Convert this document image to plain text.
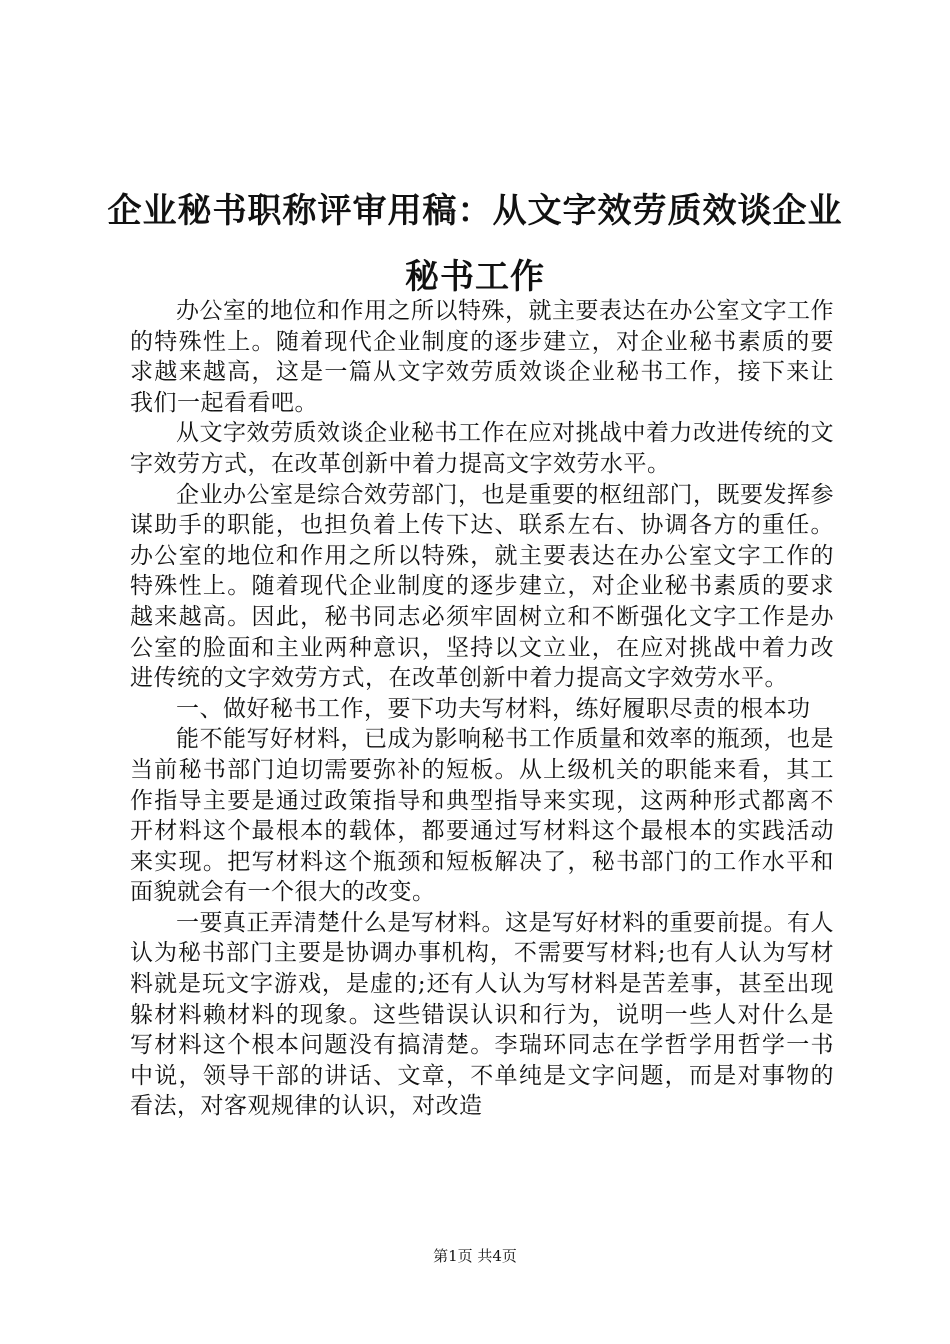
企业秘书职称评审用稿：从文字效劳质效谈企业秘书工作

办公室的地位和作用之所以特殊，就主要表达在办公室文字工作的特殊性上。随着现代企业制度的逐步建立，对企业秘书素质的要求越来越高，这是一篇从文字效劳质效谈企业秘书工作，接下来让我们一起看看吧。

从文字效劳质效谈企业秘书工作在应对挑战中着力改进传统的文字效劳方式，在改革创新中着力提高文字效劳水平。

企业办公室是综合效劳部门，也是重要的枢纽部门，既要发挥参谋助手的职能，也担负着上传下达、联系左右、协调各方的重任。办公室的地位和作用之所以特殊，就主要表达在办公室文字工作的特殊性上。随着现代企业制度的逐步建立，对企业秘书素质的要求越来越高。因此，秘书同志必须牢固树立和不断强化文字工作是办公室的脸面和主业两种意识，坚持以文立业，在应对挑战中着力改进传统的文字效劳方式，在改革创新中着力提高文字效劳水平。

一、做好秘书工作，要下功夫写材料，练好履职尽责的根本功

能不能写好材料，已成为影响秘书工作质量和效率的瓶颈，也是当前秘书部门迫切需要弥补的短板。从上级机关的职能来看，其工作指导主要是通过政策指导和典型指导来实现，这两种形式都离不开材料这个最根本的载体，都要通过写材料这个最根本的实践活动来实现。把写材料这个瓶颈和短板解决了，秘书部门的工作水平和面貌就会有一个很大的改变。

一要真正弄清楚什么是写材料。这是写好材料的重要前提。有人认为秘书部门主要是协调办事机构，不需要写材料;也有人认为写材料就是玩文字游戏，是虚的;还有人认为写材料是苦差事，甚至出现躲材料赖材料的现象。这些错误认识和行为，说明一些人对什么是写材料这个根本问题没有搞清楚。李瑞环同志在学哲学用哲学一书中说，领导干部的讲话、文章，不单纯是文字问题，而是对事物的看法，对客观规律的认识，对改造

第1页 共4页
